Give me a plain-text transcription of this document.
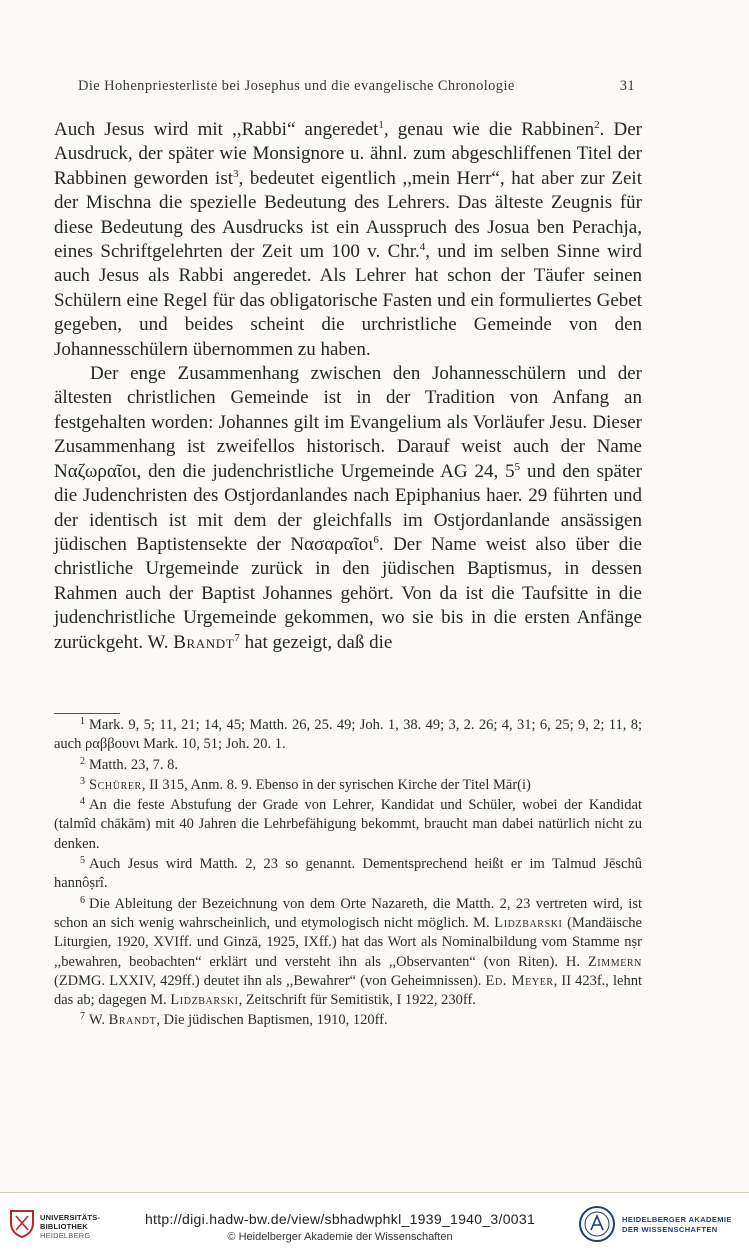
Die Hohenpriesterliste bei Josephus und die evangelische Chronologie	31

Auch Jesus wird mit ,,Rabbi“ angeredet$^1$, genau wie die Rabbinen$^2$. Der Ausdruck, der später wie Monsignore u. ähnl. zum abgeschliffenen Titel der Rabbinen geworden ist$^3$, bedeutet eigentlich ,,mein Herr“, hat aber zur Zeit der Mischna die spezielle Bedeutung des Lehrers. Das älteste Zeugnis für diese Bedeutung des Ausdrucks ist ein Ausspruch des Josua ben Perachja, eines Schriftgelehrten der Zeit um 100 v. Chr.$^4$, und im selben Sinne wird auch Jesus als Rabbi angeredet. Als Lehrer hat schon der Täufer seinen Schülern eine Regel für das obligatorische Fasten und ein formuliertes Gebet gegeben, und beides scheint die urchristliche Gemeinde von den Johannesschülern übernommen zu haben.

Der enge Zusammenhang zwischen den Johannesschülern und der ältesten christlichen Gemeinde ist in der Tradition von Anfang an festgehalten worden: Johannes gilt im Evangelium als Vorläufer Jesu. Dieser Zusammenhang ist zweifellos historisch. Darauf weist auch der Name Ναζωραῖοι, den die judenchristliche Urgemeinde AG 24, $5^5$ und den später die Judenchristen des Ostjordanlandes nach Epiphanius haer. 29 führten und der identisch ist mit dem der gleichfalls im Ostjordanlande ansässigen jüdischen Baptistensekte der Νασαραῖοι$^6$. Der Name weist also über die christliche Urgemeinde zurück in den jüdischen Baptismus, in dessen Rahmen auch der Baptist Johannes gehört. Von da ist die Taufsitte in die judenchristliche Urgemeinde gekommen, wo sie bis in die ersten Anfänge zurückgeht. W. Brandt$^7$ hat gezeigt, daß die

$^1$ Mark. 9, 5; 11, 21; 14, 45; Matth. 26, 25. 49; Joh. 1, 38. 49; 3, 2. 26; 4, 31; 6, 25; 9, 2; 11, 8; auch ραββουνι Mark. 10, 51; Joh. 20. 1.

$^2$ Matth. 23, 7. 8.

$^3$ Schürer, II 315, Anm. 8. 9. Ebenso in der syrischen Kirche der Titel Mār(i)

$^4$ An die feste Abstufung der Grade von Lehrer, Kandidat und Schüler, wobei der Kandidat (talmîd chākām) mit 40 Jahren die Lehrbefähigung bekommt, braucht man dabei natürlich nicht zu denken.

$^5$ Auch Jesus wird Matth. 2, 23 so genannt. Dementsprechend heißt er im Talmud Jēschû hannôṣrî.

$^6$ Die Ableitung der Bezeichnung von dem Orte Nazareth, die Matth. 2, 23 vertreten wird, ist schon an sich wenig wahrscheinlich, und etymologisch nicht möglich. M. Lidzbarski (Mandäische Liturgien, 1920, XVIff. und Ginzā, 1925, IXff.) hat das Wort als Nominalbildung vom Stamme nṣr ,,bewahren, beobachten“ erklärt und versteht ihn als ,,Observanten“ (von Riten). H. Zimmern (ZDMG. LXXIV, 429ff.) deutet ihn als ,,Bewahrer“ (von Geheimnissen). Ed. Meyer, II 423f., lehnt das ab; dagegen M. Lidzbarski, Zeitschrift für Semitistik, I 1922, 230ff.

$^7$ W. Brandt, Die jüdischen Baptismen, 1910, 120ff.

UNIVERSITÄTS-
BIBLIOTHEK
HEIDELBERG
http://digi.hadw-bw.de/view/sbhadwphkl_1939_1940_3/0031
© Heidelberger Akademie der Wissenschaften
HEIDELBERGER AKADEMIE
DER WISSENSCHAFTEN
